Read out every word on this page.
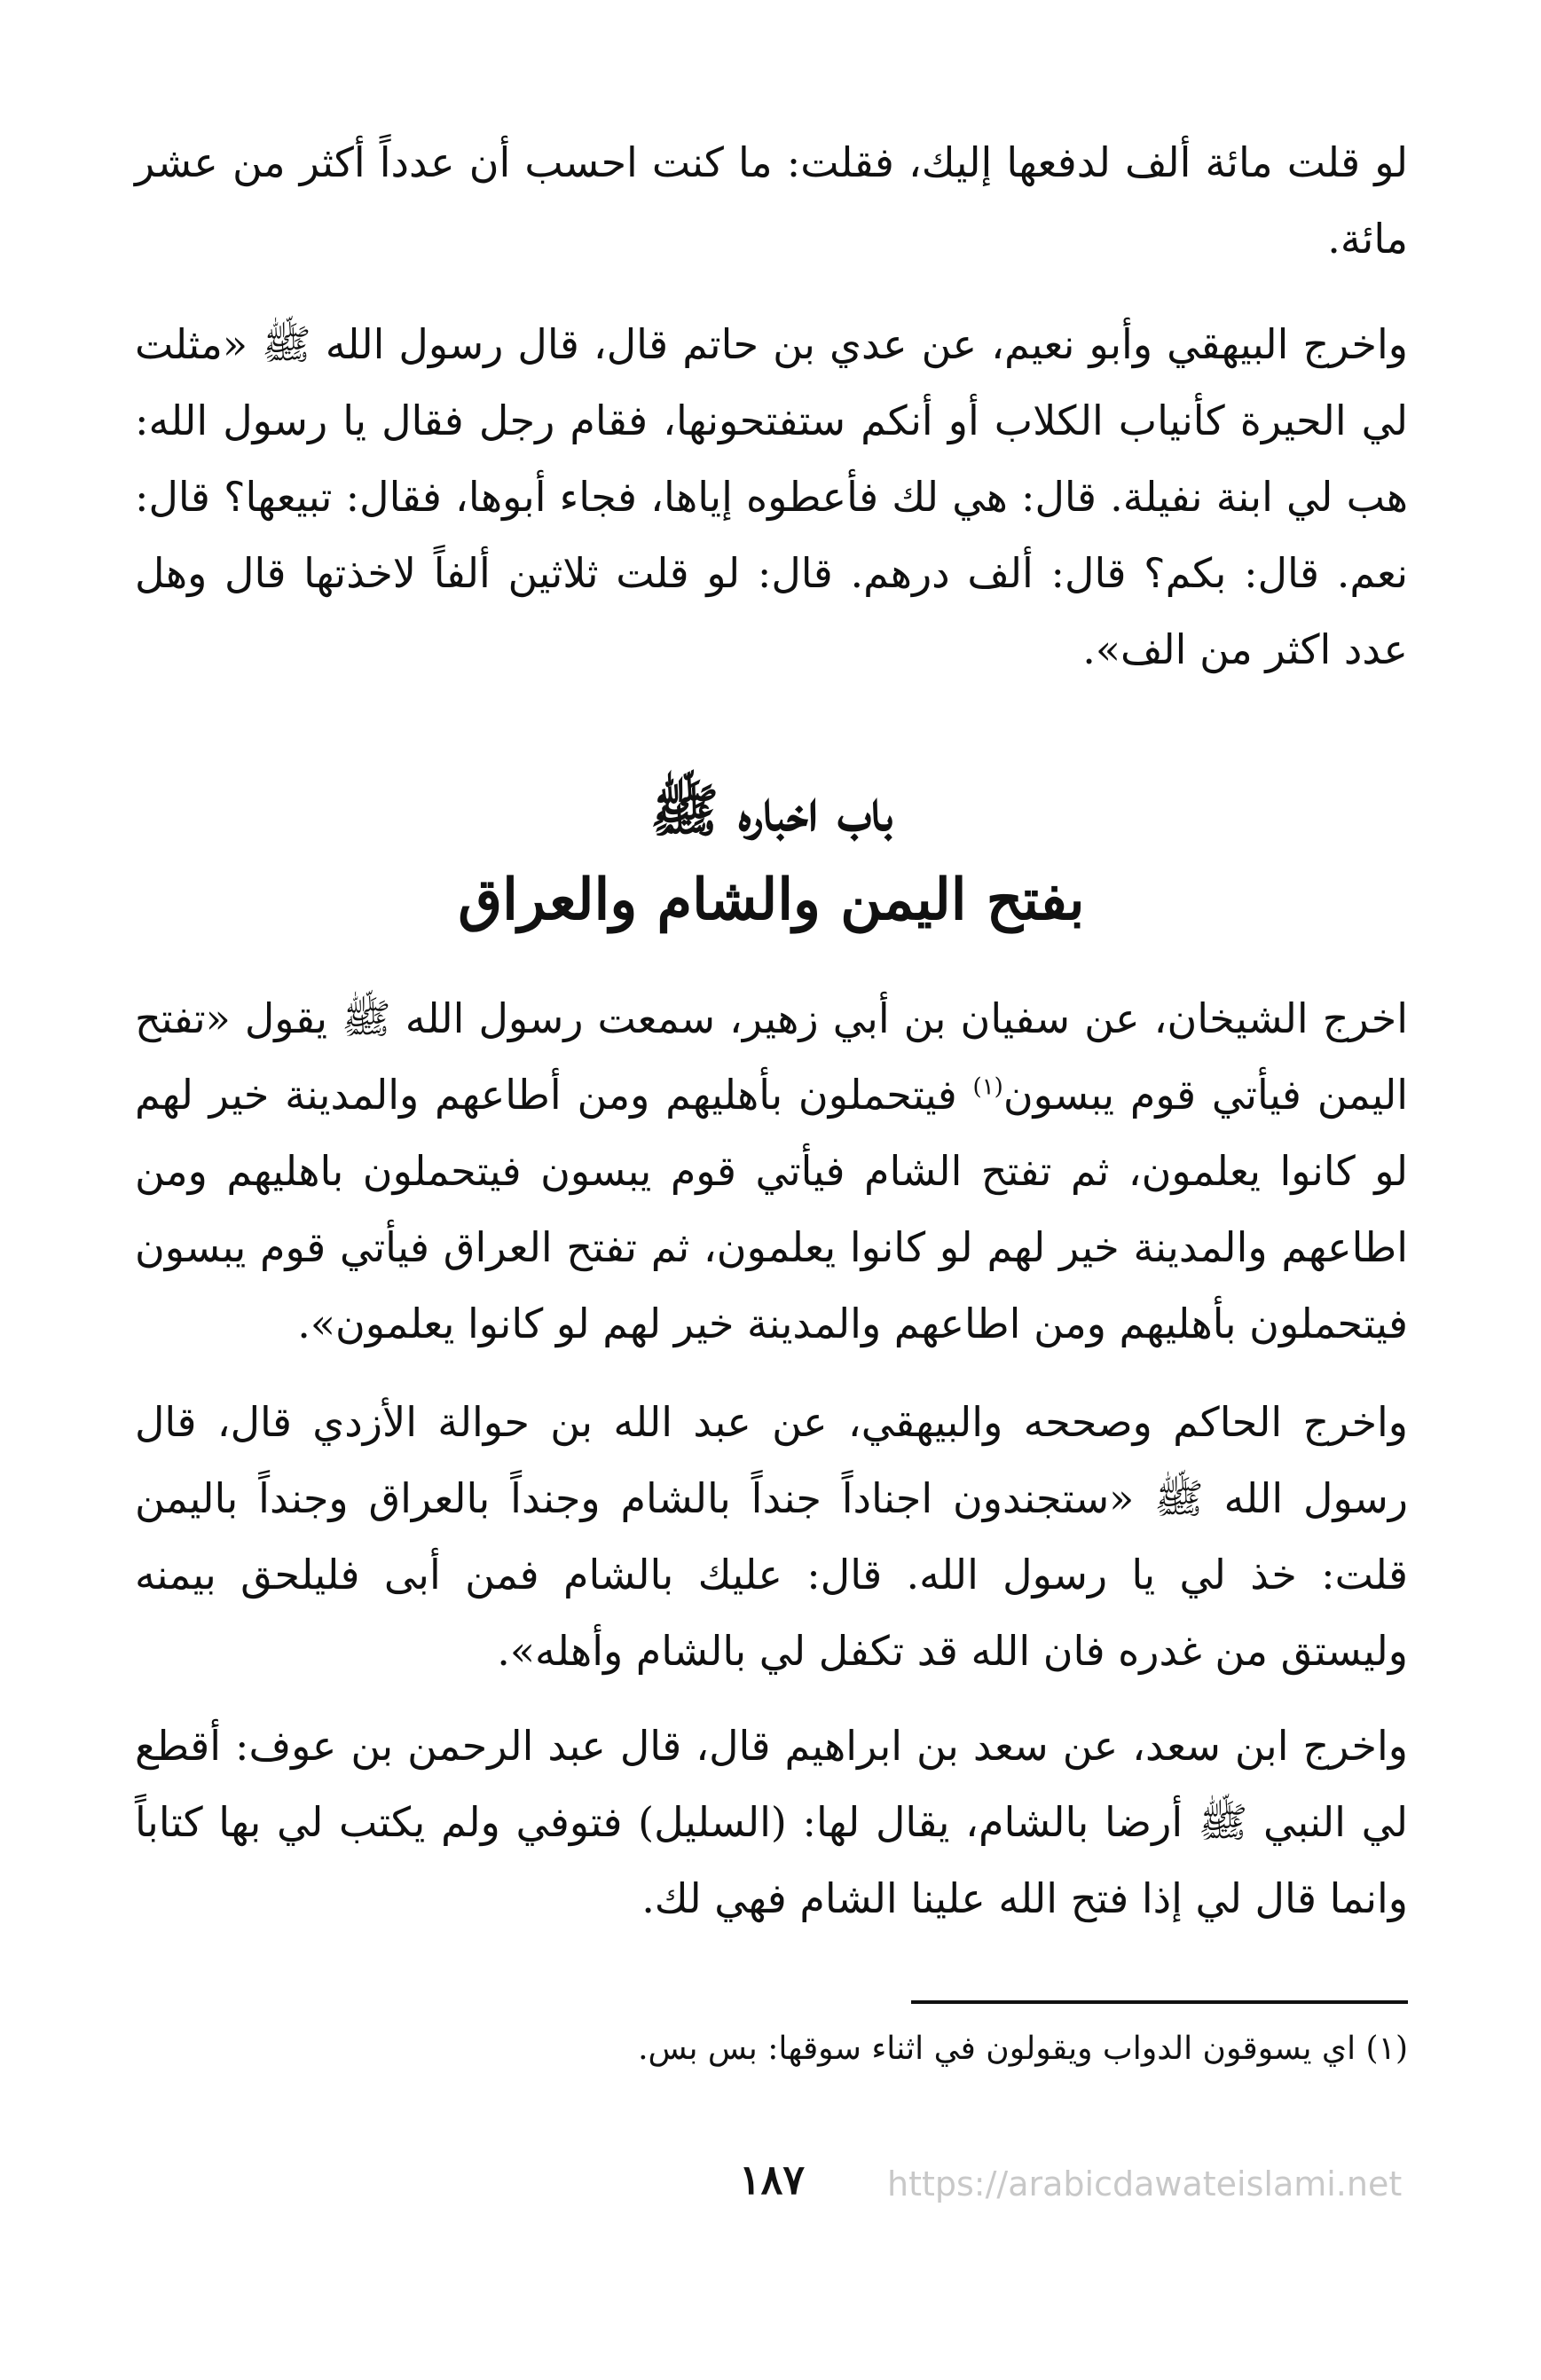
لو قلت مائة ألف لدفعها إليك، فقلت: ما كنت احسب أن عدداً أكثر من عشر مائة.

واخرج البيهقي وأبو نعيم، عن عدي بن حاتم قال، قال رسول الله ﷺ «مثلت لي الحيرة كأنياب الكلاب أو أنكم ستفتحونها، فقام رجل فقال يا رسول الله: هب لي ابنة نفيلة. قال: هي لك فأعطوه إياها، فجاء أبوها، فقال: تبيعها؟ قال: نعم. قال: بكم؟ قال: ألف درهم. قال: لو قلت ثلاثين ألفاً لاخذتها قال وهل عدد اكثر من الف».

باب اخباره ﷺ
بفتح اليمن والشام والعراق

اخرج الشيخان، عن سفيان بن أبي زهير، سمعت رسول الله ﷺ يقول «تفتح اليمن فيأتي قوم يبسون$^{(١)}$ فيتحملون بأهليهم ومن أطاعهم والمدينة خير لهم لو كانوا يعلمون، ثم تفتح الشام فيأتي قوم يبسون فيتحملون باهليهم ومن اطاعهم والمدينة خير لهم لو كانوا يعلمون، ثم تفتح العراق فيأتي قوم يبسون فيتحملون بأهليهم ومن اطاعهم والمدينة خير لهم لو كانوا يعلمون».

واخرج الحاكم وصححه والبيهقي، عن عبد الله بن حوالة الأزدي قال، قال رسول الله ﷺ «ستجندون اجناداً جنداً بالشام وجنداً بالعراق وجنداً باليمن قلت: خذ لي يا رسول الله. قال: عليك بالشام فمن أبى فليلحق بيمنه وليستق من غدره فان الله قد تكفل لي بالشام وأهله».

واخرج ابن سعد، عن سعد بن ابراهيم قال، قال عبد الرحمن بن عوف: أقطع لي النبي ﷺ أرضا بالشام، يقال لها: (السليل) فتوفي ولم يكتب لي بها كتاباً وانما قال لي إذا فتح الله علينا الشام فهي لك.

(١) اي يسوقون الدواب ويقولون في اثناء سوقها: بس بس.

١٨٧	https://arabicdawateislami.net
